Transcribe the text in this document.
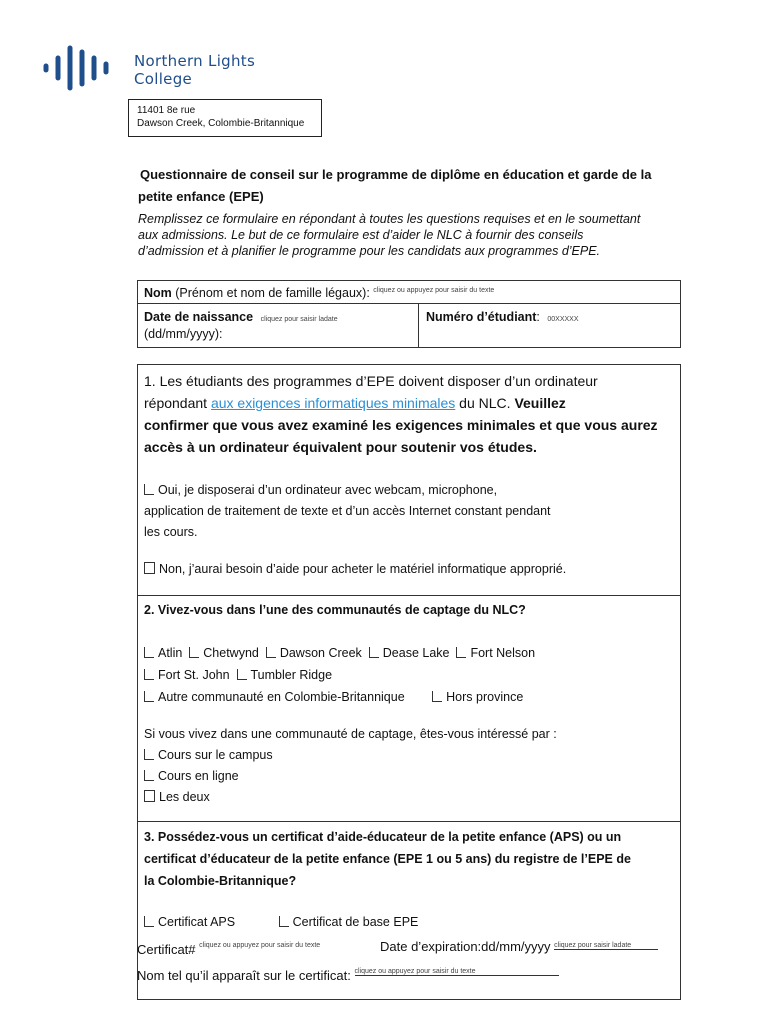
Northern Lights
College
11401 8e rue
Dawson Creek, Colombie-Britannique
Questionnaire de conseil sur le programme de diplôme en éducation et garde de la
petite enfance (EPE)
Remplissez ce formulaire en répondant à toutes les questions requises et en le soumettant
aux admissions. Le but de ce formulaire est d’aider le NLC à fournir des conseils
d’admission et à planifier le programme pour les candidats aux programmes d’EPE.
Nom (Prénom et nom de famille légaux): $^{cliquez ou appuyez pour saisir du texte}$
Date de naissance cliquez pour saisir ladate
(dd/mm/yyyy):
Numéro d’étudiant: 00XXXXX
1. Les étudiants des programmes d’EPE doivent disposer d’un ordinateur
répondant aux exigences informatiques minimales du NLC. Veuillez
confirmer que vous avez examiné les exigences minimales et que vous aurez
accès à un ordinateur équivalent pour soutenir vos études.
Oui, je disposerai d’un ordinateur avec webcam, microphone,
application de traitement de texte et d’un accès Internet constant pendant
les cours.
Non, j’aurai besoin d’aide pour acheter le matériel informatique approprié.
2. Vivez-vous dans l’une des communautés de captage du NLC?
Atlin Chetwynd Dawson Creek Dease Lake Fort Nelson
Fort St. John Tumbler Ridge
Autre communauté en Colombie-Britannique	Hors province
Si vous vivez dans une communauté de captage, êtes-vous intéressé par :
Cours sur le campus
Cours en ligne
Les deux
3. Possédez-vous un certificat d’aide-éducateur de la petite enfance (APS) ou un
certificat d’éducateur de la petite enfance (EPE 1 ou 5 ans) du registre de l’EPE de
la Colombie-Britannique?
Certificat APS	Certificat de base EPE
Certificat# $^{cliquez ou appuyez pour saisir du texte}$	Date d’expiration:dd/mm/yyyy cliquez pour saisir ladate
Nom tel qu’il apparaît sur le certificat: cliquez ou appuyez pour saisir du texte
